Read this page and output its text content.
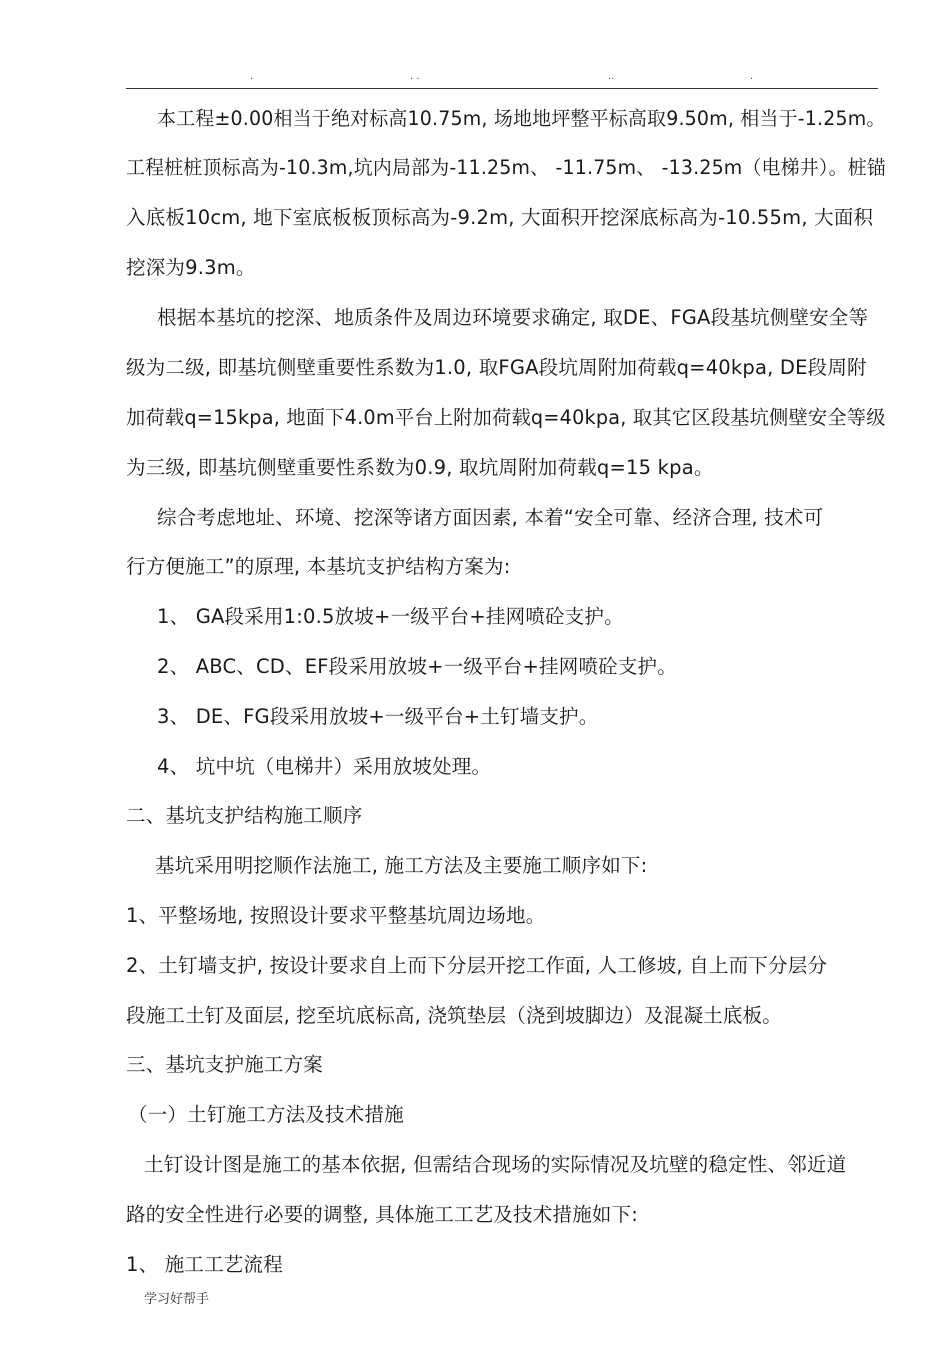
.	. .	..	.
本工程±0.00相当于绝对标高10.75m, 场地地坪整平标高取9.50m, 相当于-1.25m。
工程桩桩顶标高为-10.3m,坑内局部为-11.25m、 -11.75m、 -13.25m（电梯井）。桩锚
入底板10cm, 地下室底板板顶标高为-9.2m, 大面积开挖深底标高为-10.55m, 大面积
挖深为9.3m。
根据本基坑的挖深、地质条件及周边环境要求确定, 取DE、FGA段基坑侧壁安全等
级为二级, 即基坑侧壁重要性系数为1.0, 取FGA段坑周附加荷载q=40kpa, DE段周附
加荷载q=15kpa, 地面下4.0m平台上附加荷载q=40kpa, 取其它区段基坑侧壁安全等级
为三级, 即基坑侧壁重要性系数为0.9, 取坑周附加荷载q=15 kpa。
综合考虑地址、环境、挖深等诸方面因素, 本着“安全可靠、经济合理, 技术可
行方便施工”的原理, 本基坑支护结构方案为:
1、 GA段采用1:0.5放坡+一级平台+挂网喷砼支护。
2、 ABC、CD、EF段采用放坡+一级平台+挂网喷砼支护。
3、 DE、FG段采用放坡+一级平台+土钉墙支护。
4、 坑中坑（电梯井）采用放坡处理。
二、基坑支护结构施工顺序
基坑采用明挖顺作法施工, 施工方法及主要施工顺序如下:
1、平整场地, 按照设计要求平整基坑周边场地。
2、土钉墙支护, 按设计要求自上而下分层开挖工作面, 人工修坡, 自上而下分层分
段施工土钉及面层, 挖至坑底标高, 浇筑垫层（浇到坡脚边）及混凝土底板。
三、基坑支护施工方案
（一）土钉施工方法及技术措施
土钉设计图是施工的基本依据, 但需结合现场的实际情况及坑壁的稳定性、邻近道
路的安全性进行必要的调整, 具体施工工艺及技术措施如下:
1、 施工工艺流程
学习好帮手
